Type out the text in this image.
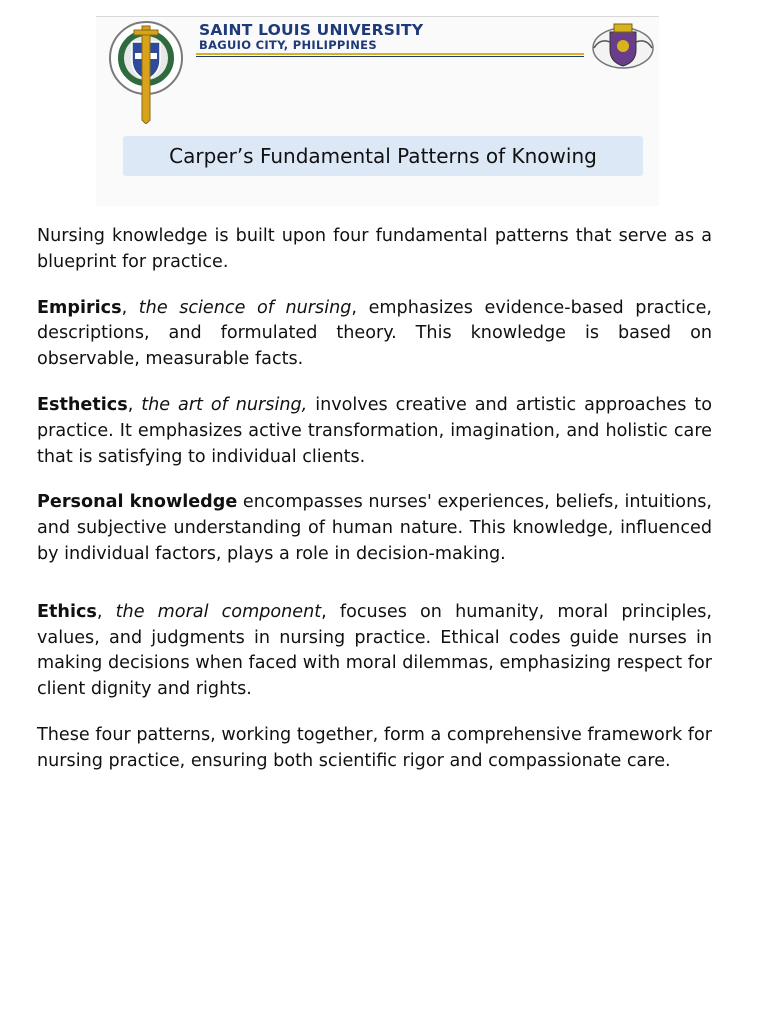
SAINT LOUIS UNIVERSITY
BAGUIO CITY, PHILIPPINES
Carper’s Fundamental Patterns of Knowing

Nursing knowledge is built upon four fundamental patterns that serve as a blueprint for practice.

Empirics, the science of nursing, emphasizes evidence-based practice, descriptions, and formulated theory. This knowledge is based on observable, measurable facts.

Esthetics, the art of nursing, involves creative and artistic approaches to practice. It emphasizes active transformation, imagination, and holistic care that is satisfying to individual clients.

Personal knowledge encompasses nurses' experiences, beliefs, intuitions, and subjective understanding of human nature. This knowledge, influenced by individual factors, plays a role in decision-making.

Ethics, the moral component, focuses on humanity, moral principles, values, and judgments in nursing practice. Ethical codes guide nurses in making decisions when faced with moral dilemmas, emphasizing respect for client dignity and rights.

These four patterns, working together, form a comprehensive framework for nursing practice, ensuring both scientific rigor and compassionate care.
